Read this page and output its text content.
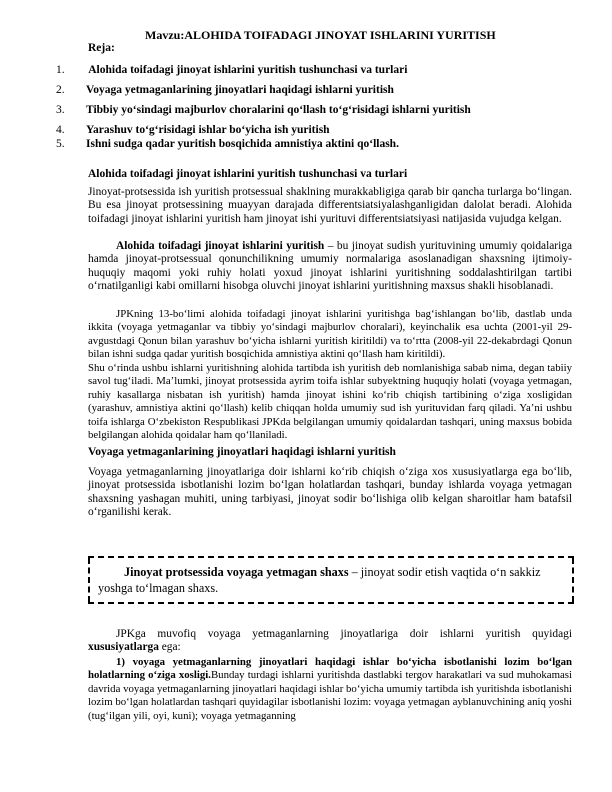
Mavzu:ALOHIDA TOIFADAGI JINOYAT ISHLARINI YURITISH
Reja:
1. Alohida toifadagi jinoyat ishlarini yuritish tushunchasi va turlari
2. Voyaga yetmaganlarining jinoyatlari haqidagi ishlarni yuritish
3. Tibbiy yo‘sindagi majburlov choralarini qo‘llash to‘g‘risidagi ishlarni yuritish
4. Yarashuv to‘g‘risidagi ishlar bo‘yicha ish yuritish
5. Ishni sudga qadar yuritish bosqichida amnistiya aktini qo‘llash.
Alohida toifadagi jinoyat ishlarini yuritish tushunchasi va turlari
Jinoyat-protsessida ish yuritish protsessual shaklning murakkabligiga qarab bir qancha turlarga bo‘lingan. Bu esa jinoyat protsessining muayyan darajada differentsiatsiyalashganligidan dalolat beradi. Alohida toifadagi jinoyat ishlarini yuritish ham jinoyat ishi yurituvi differentsiatsiyasi natijasida vujudga kelgan.
Alohida toifadagi jinoyat ishlarini yuritish – bu jinoyat sudish yurituvining umumiy qoidalariga hamda jinoyat-protsessual qonunchilikning umumiy normalariga asoslanadigan shaxsning ijtimoiy-huquqiy maqomi yoki ruhiy holati yoxud jinoyat ishlarini yuritishning soddalashtirilgan tartibi o‘rnatilganligi kabi omillarni hisobga oluvchi jinoyat ishlarini yuritishning maxsus shakli hisoblanadi.
JPKning 13-bo‘limi alohida toifadagi jinoyat ishlarini yuritishga bag‘ishlangan bo‘lib, dastlab unda ikkita (voyaga yetmaganlar va tibbiy yo‘sindagi majburlov choralari), keyinchalik esa uchta (2001-yil 29-avgustdagi Qonun bilan yarashuv bo‘yicha ishlarni yuritish kiritildi) va to‘rtta (2008-yil 22-dekabrdagi Qonun bilan ishni sudga qadar yuritish bosqichida amnistiya aktini qo‘llash ham kiritildi).
Shu o‘rinda ushbu ishlarni yuritishning alohida tartibda ish yuritish deb nomlanishiga sabab nima, degan tabiiy savol tug‘iladi. Ma’lumki, jinoyat protsessida ayrim toifa ishlar subyektning huquqiy holati (voyaga yetmagan, ruhiy kasallarga nisbatan ish yuritish) hamda jinoyat ishini ko‘rib chiqish tartibining o‘ziga xosligidan (yarashuv, amnistiya aktini qo‘llash) kelib chiqqan holda umumiy sud ish yurituvidan farq qiladi. Ya’ni ushbu toifa ishlarga O‘zbekiston Respublikasi JPKda belgilangan umumiy qoidalardan tashqari, uning maxsus bobida belgilangan alohida qoidalar ham qo‘llaniladi.
Voyaga yetmaganlarining jinoyatlari haqidagi ishlarni yuritish
Voyaga yetmaganlarning jinoyatlariga doir ishlarni ko‘rib chiqish o‘ziga xos xususiyatlarga ega bo‘lib, jinoyat protsessida isbotlanishi lozim bo‘lgan holatlardan tashqari, bunday ishlarda voyaga yetmagan shaxsning yashagan muhiti, uning tarbiyasi, jinoyat sodir bo‘lishiga olib kelgan sharoitlar ham batafsil o‘rganilishi kerak.
Jinoyat protsessida voyaga yetmagan shaxs – jinoyat sodir etish vaqtida o‘n sakkiz yoshga to‘lmagan shaxs.
JPKga muvofiq voyaga yetmaganlarning jinoyatlariga doir ishlarni yuritish quyidagi xususiyatlarga ega:
1) voyaga yetmaganlarning jinoyatlari haqidagi ishlar bo‘yicha isbotlanishi lozim bo‘lgan holatlarning o‘ziga xosligi.Bunday turdagi ishlarni yuritishda dastlabki tergov harakatlari va sud muhokamasi davrida voyaga yetmaganlarning jinoyatlari haqidagi ishlar bo‘yicha umumiy tartibda ish yuritishda isbotlanishi lozim bo‘lgan holatlardan tashqari quyidagilar isbotlanishi lozim: voyaga yetmagan ayblanuvchining aniq yoshi (tug‘ilgan yili, oyi, kuni); voyaga yetmaganning
